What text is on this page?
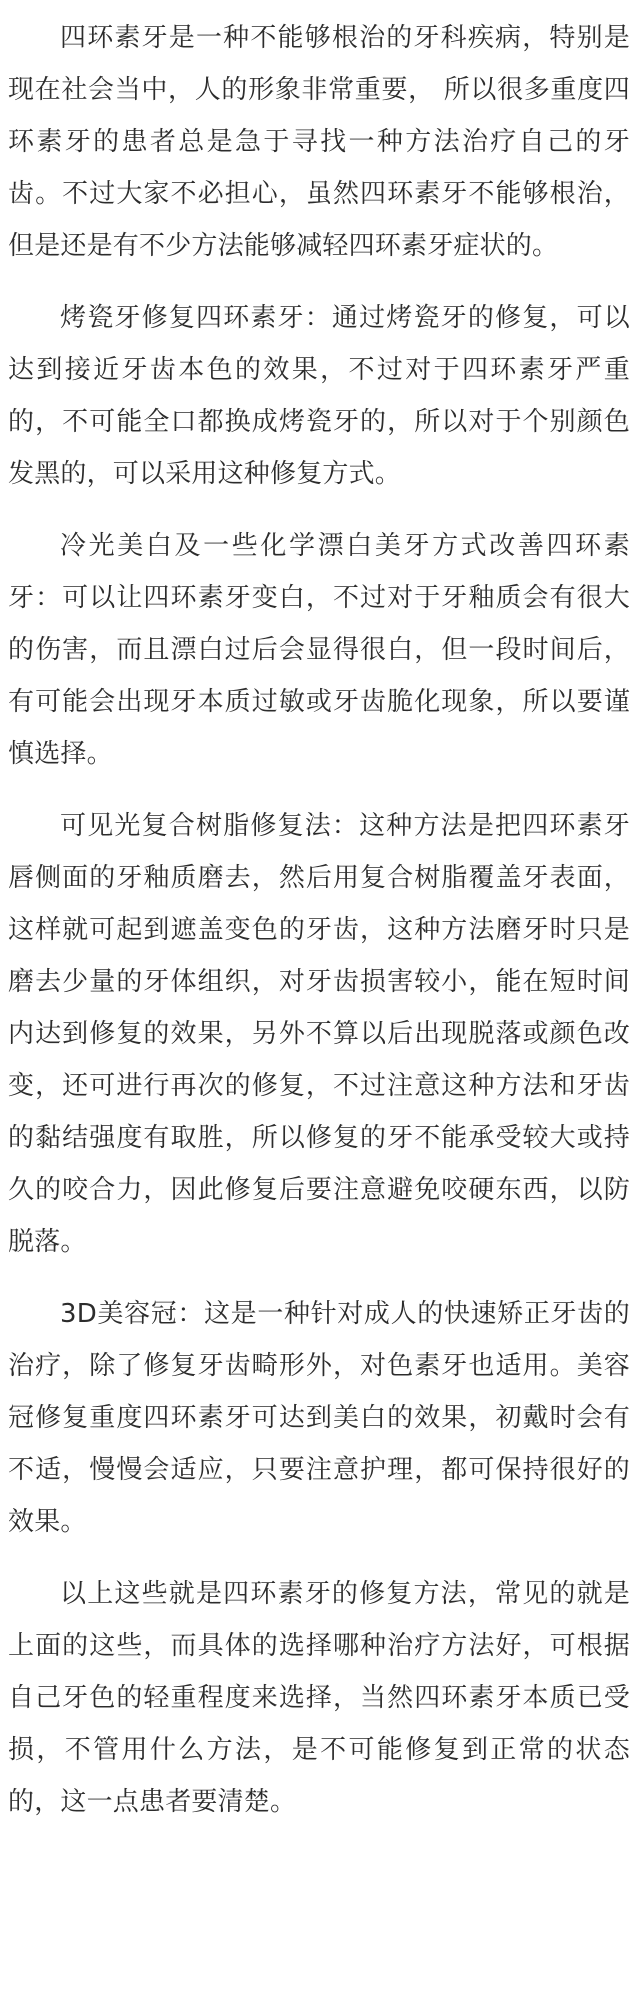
四环素牙是一种不能够根治的牙科疾病，特别是现在社会当中，人的形象非常重要， 所以很多重度四环素牙的患者总是急于寻找一种方法治疗自己的牙齿。不过大家不必担心，虽然四环素牙不能够根治，但是还是有不少方法能够减轻四环素牙症状的。

烤瓷牙修复四环素牙：通过烤瓷牙的修复，可以达到接近牙齿本色的效果，不过对于四环素牙严重的，不可能全口都换成烤瓷牙的，所以对于个别颜色发黑的，可以采用这种修复方式。

冷光美白及一些化学漂白美牙方式改善四环素牙：可以让四环素牙变白，不过对于牙釉质会有很大的伤害，而且漂白过后会显得很白，但一段时间后，有可能会出现牙本质过敏或牙齿脆化现象，所以要谨慎选择。

可见光复合树脂修复法：这种方法是把四环素牙唇侧面的牙釉质磨去，然后用复合树脂覆盖牙表面，这样就可起到遮盖变色的牙齿，这种方法磨牙时只是磨去少量的牙体组织，对牙齿损害较小，能在短时间内达到修复的效果，另外不算以后出现脱落或颜色改变，还可进行再次的修复，不过注意这种方法和牙齿的黏结强度有取胜，所以修复的牙不能承受较大或持久的咬合力，因此修复后要注意避免咬硬东西，以防脱落。

3D美容冠：这是一种针对成人的快速矫正牙齿的治疗，除了修复牙齿畸形外，对色素牙也适用。美容冠修复重度四环素牙可达到美白的效果，初戴时会有不适，慢慢会适应，只要注意护理，都可保持很好的效果。

以上这些就是四环素牙的修复方法，常见的就是上面的这些，而具体的选择哪种治疗方法好，可根据自己牙色的轻重程度来选择，当然四环素牙本质已受损，不管用什么方法，是不可能修复到正常的状态的，这一点患者要清楚。
